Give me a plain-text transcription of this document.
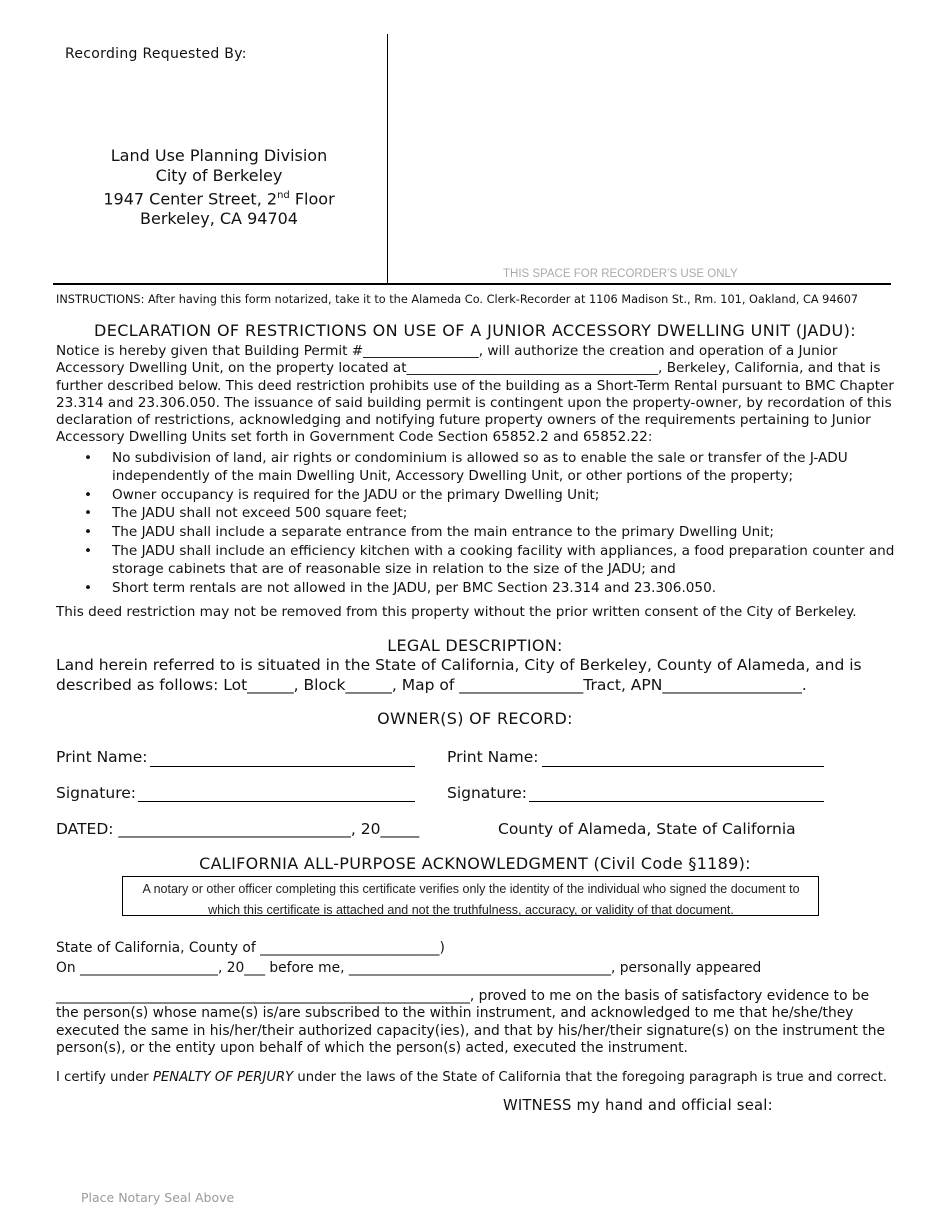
Recording Requested By:
Land Use Planning Division
City of Berkeley
1947 Center Street, 2nd Floor
Berkeley, CA 94704
THIS SPACE FOR RECORDER’S USE ONLY
INSTRUCTIONS: After having this form notarized, take it to the Alameda Co. Clerk-Recorder at 1106 Madison St., Rm. 101, Oakland, CA 94607
DECLARATION OF RESTRICTIONS ON USE OF A JUNIOR ACCESSORY DWELLING UNIT (JADU):
Notice is hereby given that Building Permit #_________________, will authorize the creation and operation of a Junior Accessory Dwelling Unit, on the property located at_____________________________________, Berkeley, California, and that is further described below. This deed restriction prohibits use of the building as a Short-Term Rental pursuant to BMC Chapter 23.314 and 23.306.050. The issuance of said building permit is contingent upon the property-owner, by recordation of this declaration of restrictions, acknowledging and notifying future property owners of the requirements pertaining to Junior Accessory Dwelling Units set forth in Government Code Section 65852.2 and 65852.22:
• No subdivision of land, air rights or condominium is allowed so as to enable the sale or transfer of the J-ADU independently of the main Dwelling Unit, Accessory Dwelling Unit, or other portions of the property;
• Owner occupancy is required for the JADU or the primary Dwelling Unit;
• The JADU shall not exceed 500 square feet;
• The JADU shall include a separate entrance from the main entrance to the primary Dwelling Unit;
• The JADU shall include an efficiency kitchen with a cooking facility with appliances, a food preparation counter and storage cabinets that are of reasonable size in relation to the size of the JADU; and
• Short term rentals are not allowed in the JADU, per BMC Section 23.314 and 23.306.050.
This deed restriction may not be removed from this property without the prior written consent of the City of Berkeley.
LEGAL DESCRIPTION:
Land herein referred to is situated in the State of California, City of Berkeley, County of Alameda, and is described as follows: Lot______, Block______, Map of ________________Tract, APN__________________.
OWNER(S) OF RECORD:
Print Name:	Print Name:
Signature:	Signature:
DATED: ______________________________, 20_____	County of Alameda, State of California
CALIFORNIA ALL-PURPOSE ACKNOWLEDGMENT (Civil Code §1189):
A notary or other officer completing this certificate verifies only the identity of the individual who signed the document to which this certificate is attached and not the truthfulness, accuracy, or validity of that document.
State of California, County of __________________________)
On ____________________, 20___ before me, ______________________________________, personally appeared
____________________________________________________________, proved to me on the basis of satisfactory evidence to be the person(s) whose name(s) is/are subscribed to the within instrument, and acknowledged to me that he/she/they executed the same in his/her/their authorized capacity(ies), and that by his/her/their signature(s) on the instrument the person(s), or the entity upon behalf of which the person(s) acted, executed the instrument.
I certify under PENALTY OF PERJURY under the laws of the State of California that the foregoing paragraph is true and correct.
WITNESS my hand and official seal:
Place Notary Seal Above
